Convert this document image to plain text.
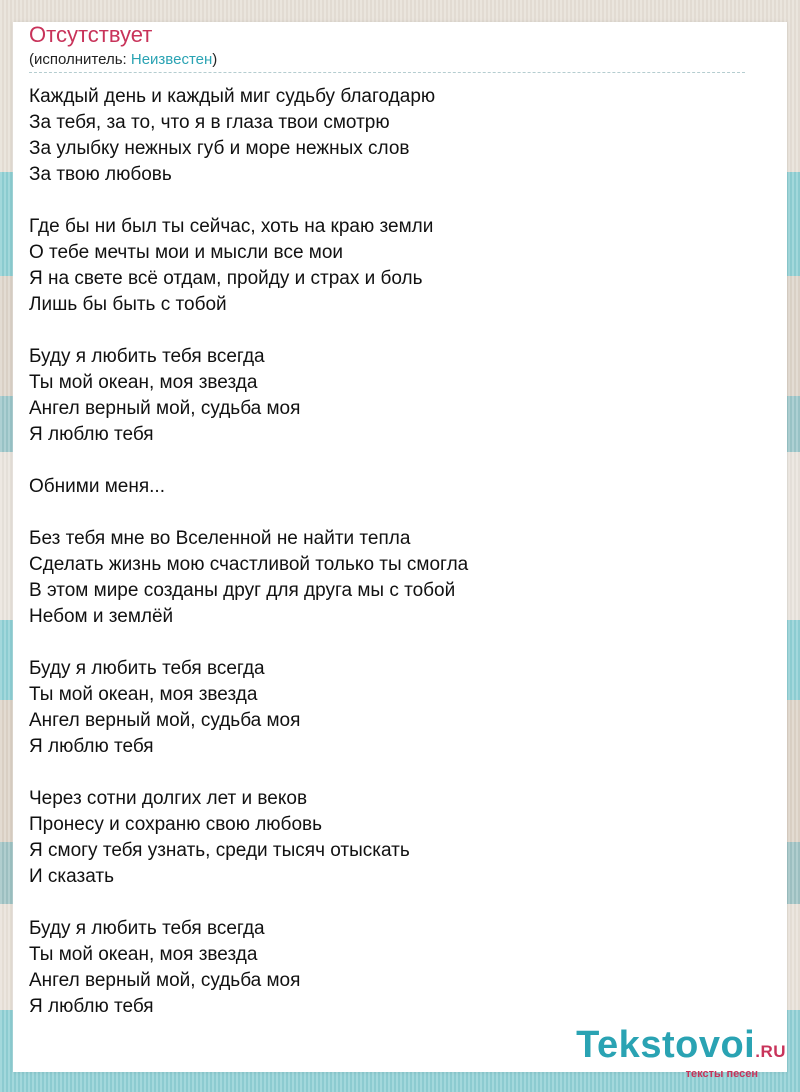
Отсутствует
(исполнитель: Неизвестен)
Каждый день и каждый миг судьбу благодарю
За тебя, за то, что я в глаза твои смотрю
За улыбку нежных губ и море нежных слов
За твою любовь
Где бы ни был ты сейчас, хоть на краю земли
О тебе мечты мои и мысли все мои
Я на свете всё отдам, пройду и страх и боль
Лишь бы быть с тобой
Буду я любить тебя всегда
Ты мой океан, моя звезда
Ангел верный мой, судьба моя
Я люблю тебя
Обними меня...
Без тебя мне во Вселенной не найти тепла
Сделать жизнь мою счастливой только ты смогла
В этом мире созданы друг для друга мы с тобой
Небом и землёй
Буду я любить тебя всегда
Ты мой океан, моя звезда
Ангел верный мой, судьба моя
Я люблю тебя
Через сотни долгих лет и веков
Пронесу и сохраню свою любовь
Я смогу тебя узнать, среди тысяч отыскать
И сказать
Буду я любить тебя всегда
Ты мой океан, моя звезда
Ангел верный мой, судьба моя
Я люблю тебя
Tekstovoi.RU
тексты песен
